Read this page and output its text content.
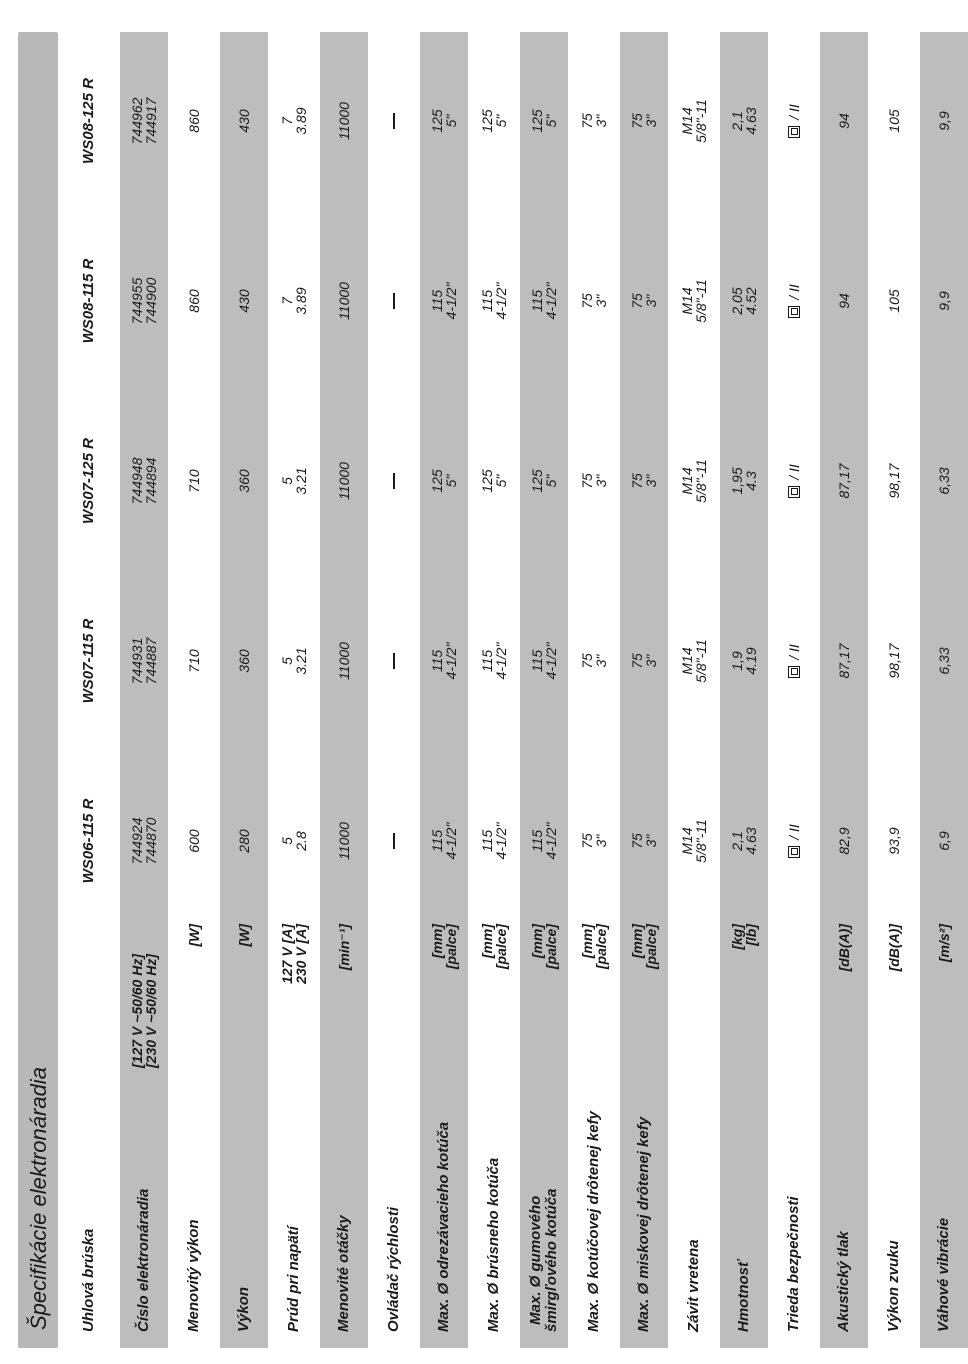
Špecifikácie elektronáradia	Uhlová brúska
WS06-115 R
WS07-115 R
WS07-125 R
WS08-115 R
WS08-125 R
Číslo elektronáradia
[127 V ~50/60 Hz]
[230 V ~50/60 Hz]
744924
744870
744931
744887
744948
744894
744955
744900
744962
744917
Menovitý výkon
[W]
600
710
710
860
860
Výkon
[W]
280
360
360
430
430
Prúd pri napätí
127 V [A]
230 V [A]
5
2.8
5
3.21
5
3.21
7
3.89
7
3.89
Menovité otáčky
[min⁻¹]
11000
11000
11000
11000
11000
Ovládač rýchlosti Max. Ø odrezávacieho kotúča
[mm]
[palce]
115
4-1/2"
115
4-1/2"
125
5"
115
4-1/2"
125
5"
Max. Ø brúsneho kotúča
[mm]
[palce]
115
4-1/2"
115
4-1/2"
125
5"
115
4-1/2"
125
5"
Max. Ø gumového šmirgľového kotúča
[mm]
[palce]
115
4-1/2"
115
4-1/2"
125
5"
115
4-1/2"
125
5"
Max. Ø kotúčovej drôtenej kefy
[mm]
[palce]
75
3"
75
3"
75
3"
75
3"
75
3"
Max. Ø miskovej drôtenej kefy
[mm]
[palce]
75
3"
75
3"
75
3"
75
3"
75
3"
Závit vretena
M14
5/8"-11
M14
5/8"-11
M14
5/8"-11
M14
5/8"-11
M14
5/8"-11
Hmotnosť
[kg]
[lb]
2,1
4.63
1,9
4.19
1,95
4.3
2,05
4.52
2,1
4.63
Trieda bezpečnosti
/ II
/ II
/ II
/ II
/ II
Akustický tlak
[dB(A)]
82,9
87,17
87,17
94
94
Výkon zvuku
[dB(A)]
93,9
98,17
98,17
105
105
Váhové vibrácie
[m/s²]
6,9
6,33
6,33
9,9
9,9
